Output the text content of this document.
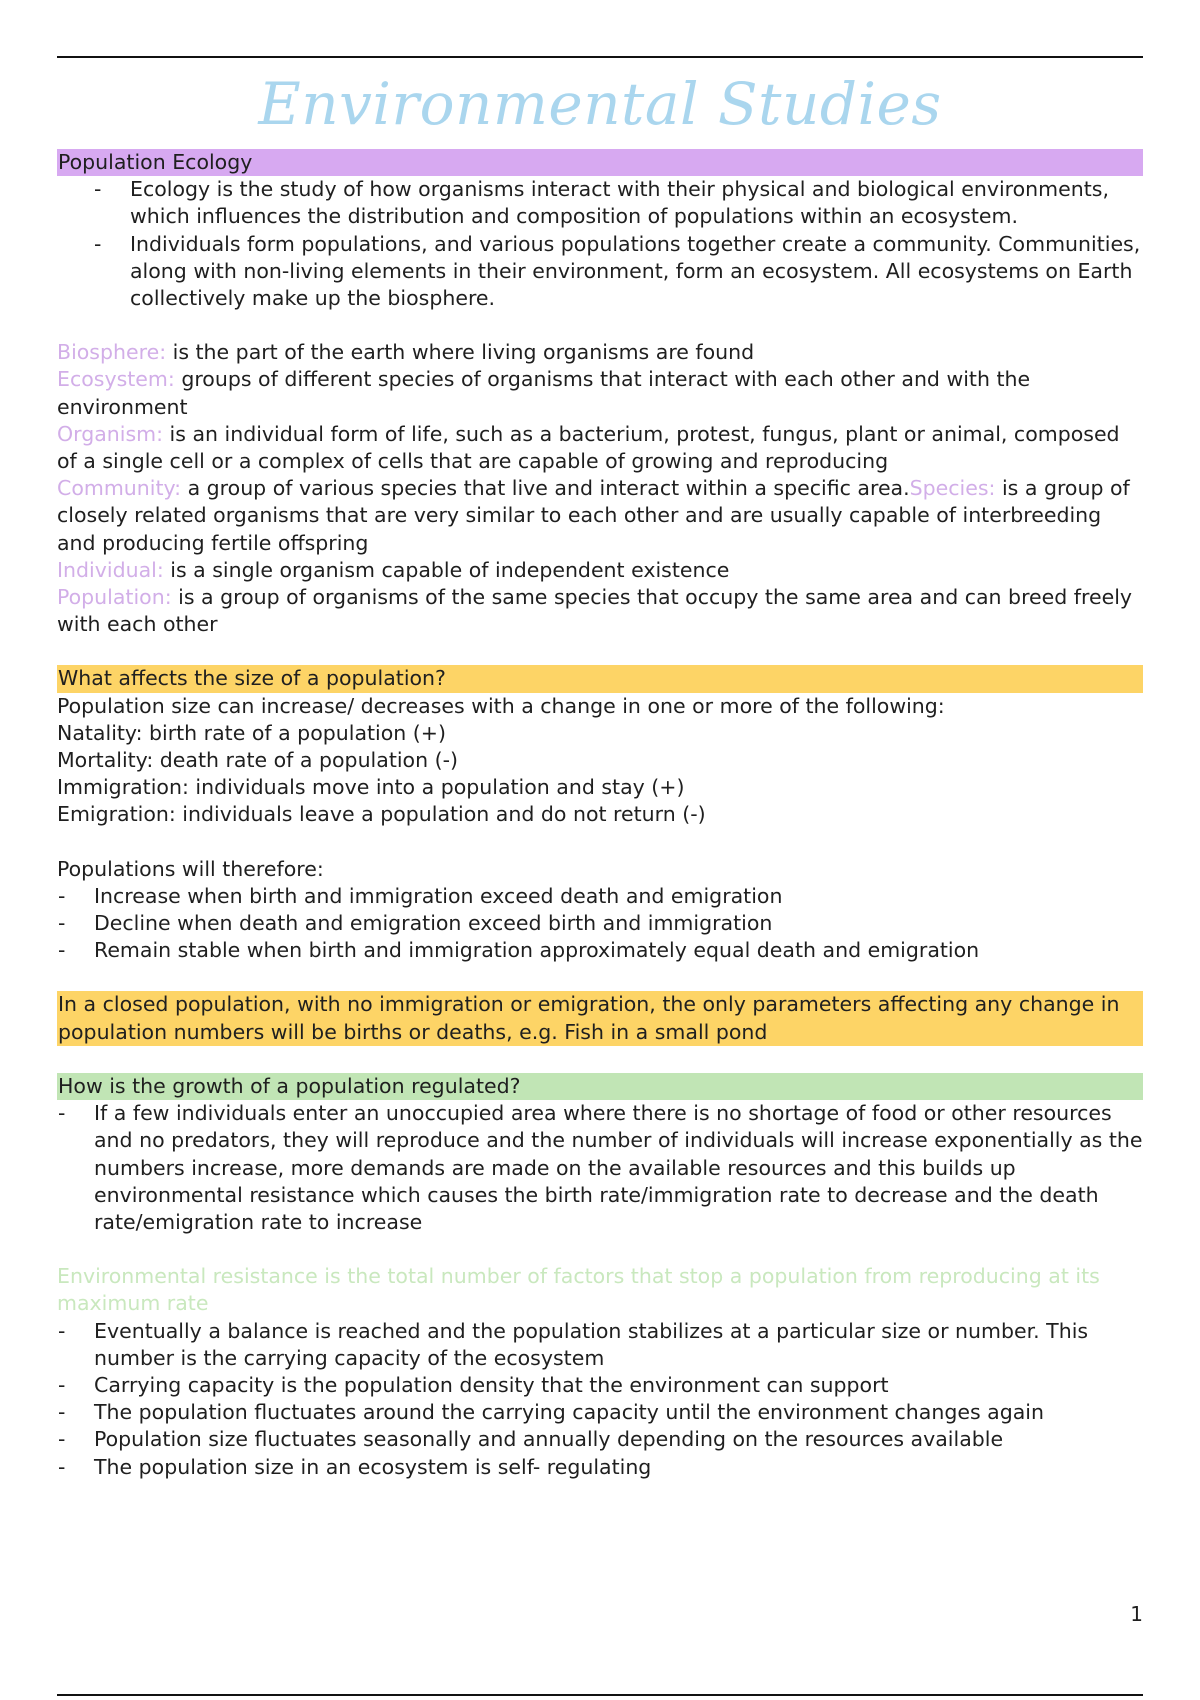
Environmental Studies
Population Ecology
- Ecology is the study of how organisms interact with their physical and biological environments, which influences the distribution and composition of populations within an ecosystem.
- Individuals form populations, and various populations together create a community. Communities, along with non-living elements in their environment, form an ecosystem. All ecosystems on Earth collectively make up the biosphere.

Biosphere: is the part of the earth where living organisms are found

Ecosystem: groups of different species of organisms that interact with each other and with the environment

Organism: is an individual form of life, such as a bacterium, protest, fungus, plant or animal, composed of a single cell or a complex of cells that are capable of growing and reproducing

Community: a group of various species that live and interact within a specific area.Species: is a group of closely related organisms that are very similar to each other and are usually capable of interbreeding and producing fertile offspring

Individual: is a single organism capable of independent existence

Population: is a group of organisms of the same species that occupy the same area and can breed freely with each other

What affects the size of a population?

Population size can increase/ decreases with a change in one or more of the following:

Natality: birth rate of a population (+)

Mortality: death rate of a population (-)

Immigration: individuals move into a population and stay (+)

Emigration: individuals leave a population and do not return (-)

Populations will therefore:

- Increase when birth and immigration exceed death and emigration
- Decline when death and emigration exceed birth and immigration
- Remain stable when birth and immigration approximately equal death and emigration
In a closed population, with no immigration or emigration, the only parameters affecting any change in population numbers will be births or deaths, e.g. Fish in a small pond
How is the growth of a population regulated?
- If a few individuals enter an unoccupied area where there is no shortage of food or other resources and no predators, they will reproduce and the number of individuals will increase exponentially as the numbers increase, more demands are made on the available resources and this builds up environmental resistance which causes the birth rate/immigration rate to decrease and the death rate/emigration rate to increase

Environmental resistance is the total number of factors that stop a population from reproducing at its maximum rate

- Eventually a balance is reached and the population stabilizes at a particular size or number. This number is the carrying capacity of the ecosystem
- Carrying capacity is the population density that the environment can support
- The population fluctuates around the carrying capacity until the environment changes again
- Population size fluctuates seasonally and annually depending on the resources available
- The population size in an ecosystem is self- regulating
1
